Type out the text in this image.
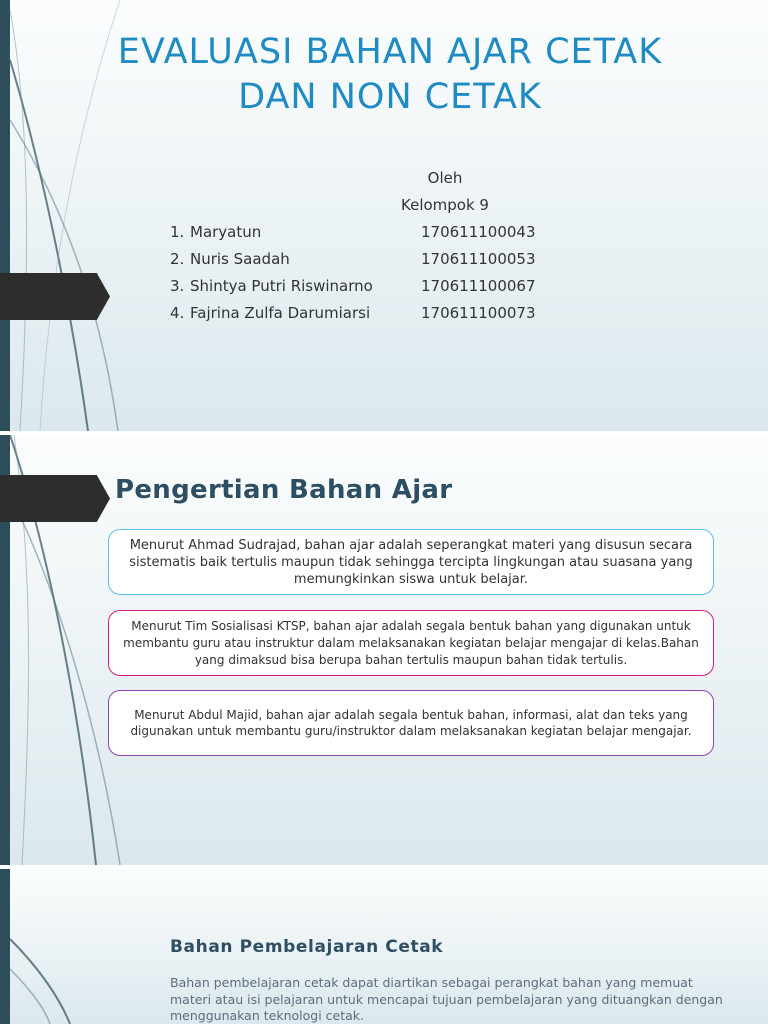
EVALUASI BAHAN AJAR CETAK
DAN NON CETAK
Oleh
Kelompok 9
1. Maryatun	170611100043
2. Nuris Saadah	170611100053
3. Shintya Putri Riswinarno	170611100067
4. Fajrina Zulfa Darumiarsi	170611100073
Pengertian Bahan Ajar

Menurut Ahmad Sudrajad, bahan ajar adalah seperangkat materi yang disusun secara sistematis baik tertulis maupun tidak sehingga tercipta lingkungan atau suasana yang memungkinkan siswa untuk belajar.

Menurut Tim Sosialisasi KTSP, bahan ajar adalah segala bentuk bahan yang digunakan untuk membantu guru atau instruktur dalam melaksanakan kegiatan belajar mengajar di kelas.Bahan yang dimaksud bisa berupa bahan tertulis maupun bahan tidak tertulis.

Menurut Abdul Majid, bahan ajar adalah segala bentuk bahan, informasi, alat dan teks yang digunakan untuk membantu guru/instruktor dalam melaksanakan kegiatan belajar mengajar.

Bahan Pembelajaran Cetak

Bahan pembelajaran cetak dapat diartikan sebagai perangkat bahan yang memuat materi atau isi pelajaran untuk mencapai tujuan pembelajaran yang dituangkan dengan menggunakan teknologi cetak.
